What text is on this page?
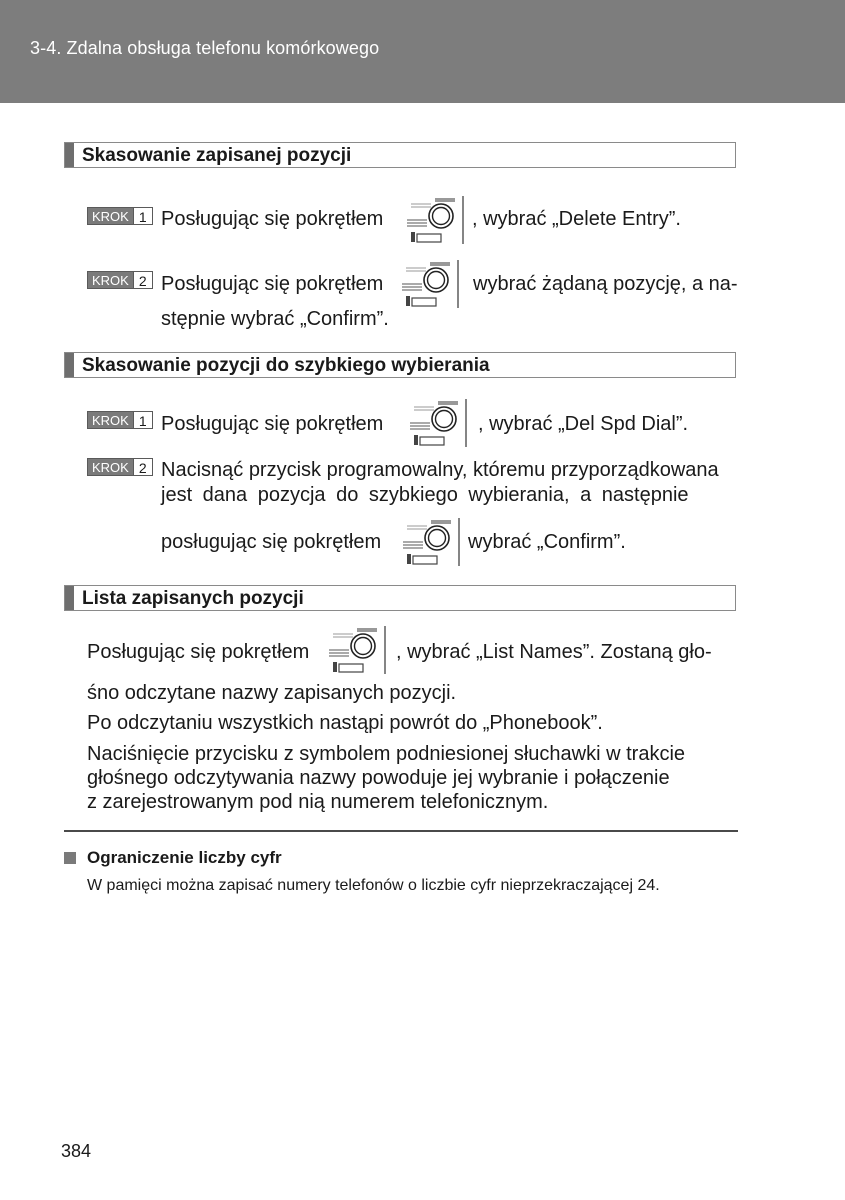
3-4. Zdalna obsługa telefonu komórkowego
Skasowanie zapisanej pozycji
KROK 1 Posługując się pokrętłem	, wybrać „Delete Entry”.
KROK 2 Posługując się pokrętłem	wybrać żądaną pozycję, a na-
stępnie wybrać „Confirm”.
Skasowanie pozycji do szybkiego wybierania
KROK 1 Posługując się pokrętłem	, wybrać „Del Spd Dial”.
KROK 2 Nacisnąć przycisk programowalny, któremu przyporządkowana
jest dana pozycja do szybkiego wybierania, a następnie
posługując się pokrętłem	wybrać „Confirm”.
Lista zapisanych pozycji
Posługując się pokrętłem	, wybrać „List Names”. Zostaną gło-
śno odczytane nazwy zapisanych pozycji.
Po odczytaniu wszystkich nastąpi powrót do „Phonebook”.
Naciśnięcie przycisku z symbolem podniesionej słuchawki w trakcie
głośnego odczytywania nazwy powoduje jej wybranie i połączenie
z zarejestrowanym pod nią numerem telefonicznym.
Ograniczenie liczby cyfr
W pamięci można zapisać numery telefonów o liczbie cyfr nieprzekraczającej 24.
384
